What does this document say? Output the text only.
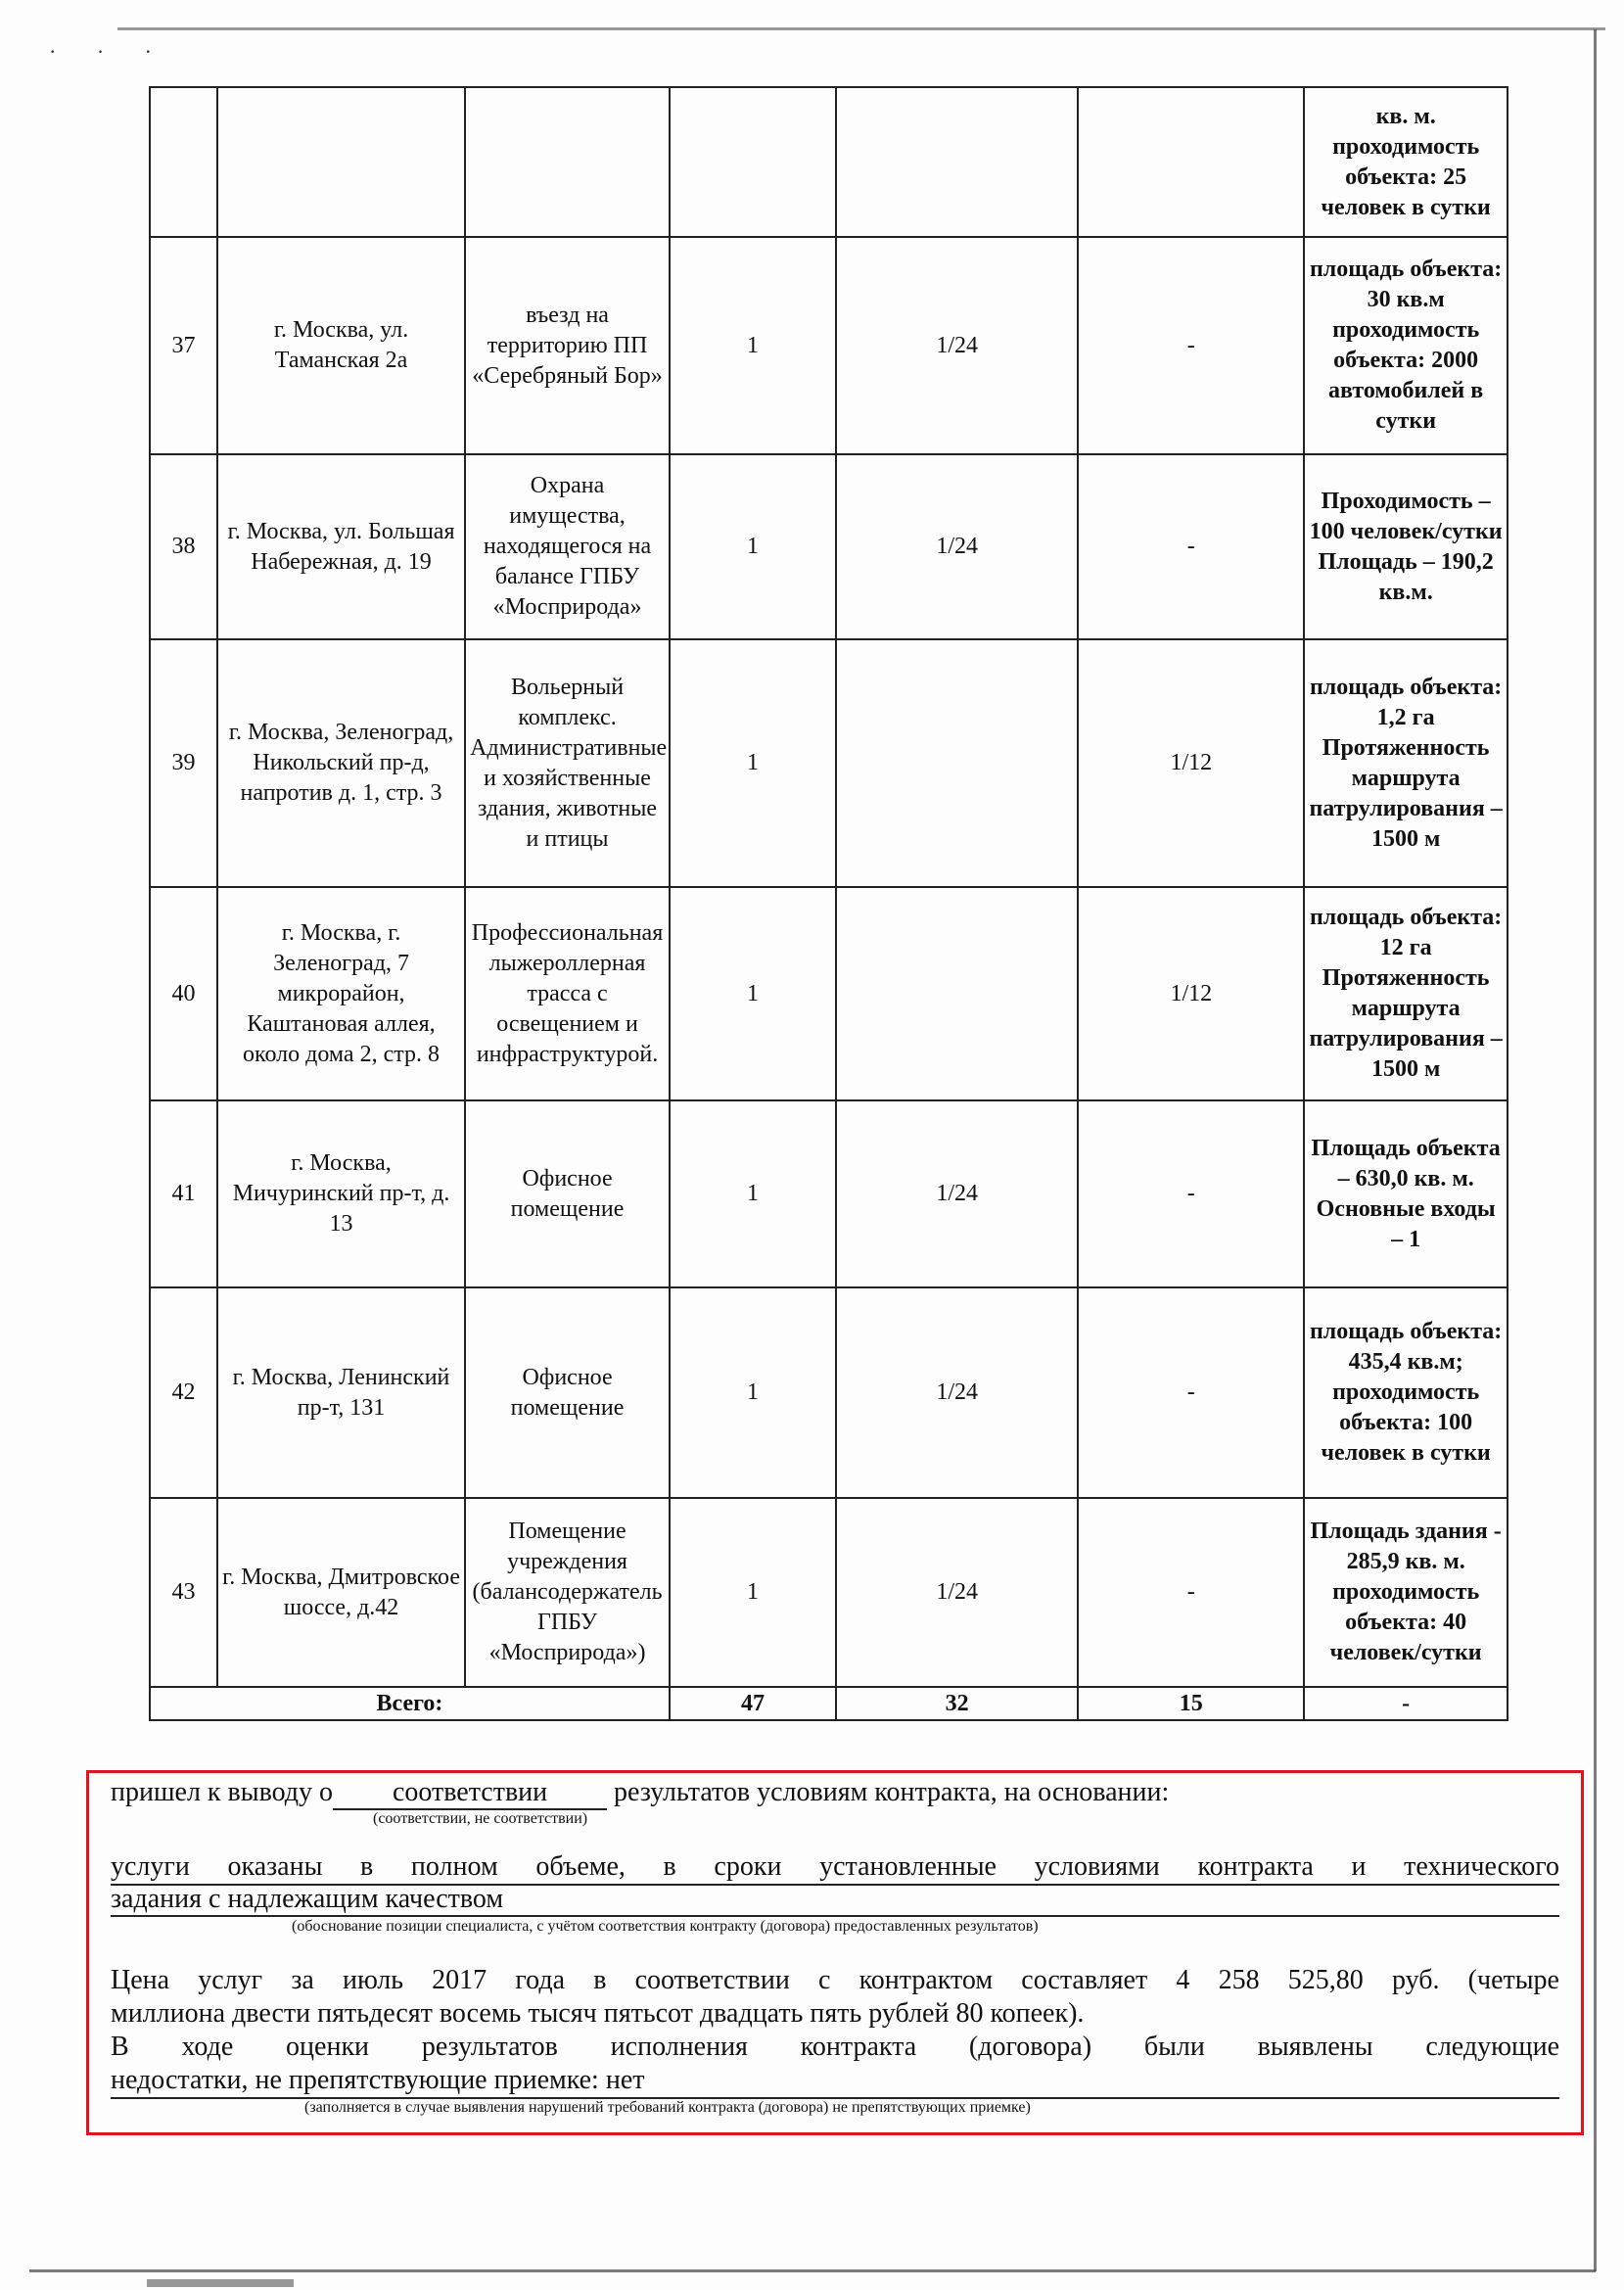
· · ·
						кв. м. проходимость объекта: 25 человек в сутки
37	г. Москва, ул. Таманская 2а	въезд на территорию ПП «Серебряный Бор»	1	1/24	-	площадь объекта: 30 кв.м проходимость объекта: 2000 автомобилей в сутки
38	г. Москва, ул. Большая Набережная, д. 19	Охрана имущества, находящегося на балансе ГПБУ «Мосприрода»	1	1/24	-	Проходимость – 100 человек/сутки Площадь – 190,2 кв.м.
39	г. Москва, Зеленоград, Никольский пр-д, напротив д. 1, стр. 3	Вольерный комплекс. Административные и хозяйственные здания, животные и птицы	1		1/12	площадь объекта: 1,2 га Протяженность маршрута патрулирования – 1500 м
40	г. Москва, г. Зеленоград, 7 микрорайон, Каштановая аллея, около дома 2, стр. 8	Профессиональная лыжероллерная трасса с освещением и инфраструктурой.	1		1/12	площадь объекта: 12 га Протяженность маршрута патрулирования – 1500 м
41	г. Москва, Мичуринский пр-т, д. 13	Офисное помещение	1	1/24	-	Площадь объекта – 630,0 кв. м. Основные входы – 1
42	г. Москва, Ленинский пр-т, 131	Офисное помещение	1	1/24	-	площадь объекта: 435,4 кв.м; проходимость объекта: 100 человек в сутки
43	г. Москва, Дмитровское шоссе, д.42	Помещение учреждения (балансодержатель ГПБУ «Мосприрода»)	1	1/24	-	Площадь здания - 285,9 кв. м. проходимость объекта: 40 человек/сутки
Всего:			47	32	15	-
пришел к выводу о соответствии результатов условиям контракта, на основании:
(соответствии, не соответствии)
услуги оказаны в полном объеме, в сроки установленные условиями контракта и технического
задания с надлежащим качеством
(обоснование позиции специалиста, с учётом соответствия контракту (договора) предоставленных результатов)
Цена услуг за июль 2017 года в соответствии с контрактом составляет 4 258 525,80 руб. (четыре
миллиона двести пятьдесят восемь тысяч пятьсот двадцать пять рублей 80 копеек).
В ходе оценки результатов исполнения контракта (договора) были выявлены следующие
недостатки, не препятствующие приемке: нет
(заполняется в случае выявления нарушений требований контракта (договора) не препятствующих приемке)
